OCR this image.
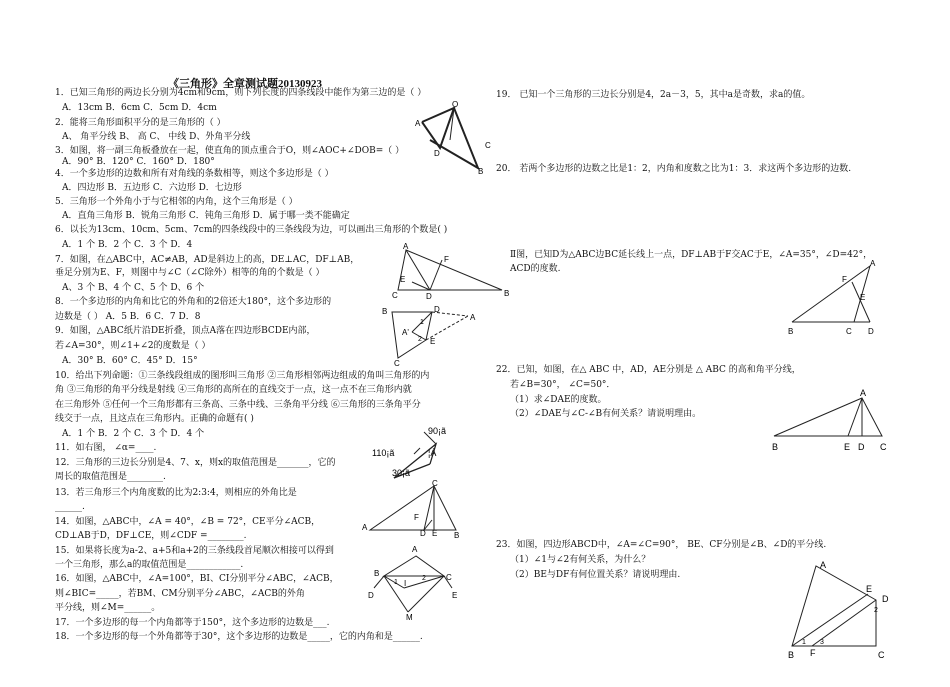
《三角形》全章测试题20130923
1．已知三角形的两边长分别为4cm和9cm，则下列长度的四条线段中能作为第三边的是（ ）
A．13cm B．6cm C．5cm D．4cm
2．能将三角形面积平分的是三角形的（ ）
A、 角平分线 B、 高 C、 中线 D、外角平分线
3．如图，将一副三角板叠放在一起，使直角的顶点重合于O，则∠AOC+∠DOB=（ ）
A．90° B．120° C．160° D．180°
4．一个多边形的边数和所有对角线的条数相等，则这个多边形是（ ）
A．四边形 B．五边形 C．六边形 D．七边形
5．三角形一个外角小于与它相邻的内角，这个三角形是（ ）
A．直角三角形 B．锐角三角形 C．钝角三角形 D．属于哪一类不能确定
6．以长为13cm、10cm、5cm、7cm的四条线段中的三条线段为边，可以画出三角形的个数是( )
A．1 个 B．2 个 C．3 个 D．4
7．如图，在△ABC中，AC≠AB，AD是斜边上的高，DE⊥AC，DF⊥AB，
垂足分别为E、F，则图中与∠C（∠C除外）相等的角的个数是（ ）
A、3 个 B、4 个 C、5 个 D、6 个
8．一个多边形的内角和比它的外角和的2倍还大180°，这个多边形的
边数是（ ） A．5 B．6 C．7 D．8
9．如图，△ABC纸片沿DE折叠，顶点A落在四边形BCDE内部，
若∠A=30°，则∠1+∠2的度数是（ ）
A．30° B．60° C．45° D．15°
10．给出下列命题：①三条线段组成的图形叫三角形 ②三角形相邻两边组成的角叫三角形的内
角 ③三角形的角平分线是射线 ④三角形的高所在的直线交于一点，这一点不在三角形内就
在三角形外 ⑤任何一个三角形都有三条高、三条中线、三条角平分线 ⑥三角形的三条角平分
线交于一点，且这点在三角形内。正确的命题有( )
A．1 个 B．2 个 C．3 个 D．4 个
11．如右图， ∠α=____.
12．三角形的三边长分别是4、7、x，则x的取值范围是_______，它的
周长的取值范围是________.
13．若三角形三个内角度数的比为2:3:4，则相应的外角比是
______.
14．如图，△ABC中，∠A = 40°，∠B = 72°，CE平分∠ACB，
CD⊥AB于D，DF⊥CE，则∠CDF =________.
15．如果将长度为a-2、a+5和a+2的三条线段首尾顺次相接可以得到
一个三角形，那么a的取值范围是____________.
16．如图，△ABC中，∠A=100°，BI、CI分别平分∠ABC，∠ACB，
则∠BIC=_____，若BM、CM分别平分∠ABC，∠ACB的外角
平分线，则∠M=______。
17．一个多边形的每一个内角都等于150°，这个多边形的边数是___.
18．一个多边形的每一个外角都等于30°，这个多边形的边数是_____，它的内角和是______.
19． 已知一个三角形的三边长分别是4，2a－3，5，其中a是奇数，求a的值。
20． 若两个多边形的边数之比是1：2，内角和度数之比为1：3．求这两个多边形的边数.
Ⅱ图，已知D为△ABC边BC延长线上一点，DF⊥AB于F交AC于E，∠A=35°，∠D=42°，
ACD的度数.
22．已知，如图，在△ ABC 中，AD，AE分别是 △ ABC 的高和角平分线，
若∠B=30°， ∠C=50°．
（1）求∠DAE的度数。
（2）∠DAE与∠C-∠B有何关系？请说明理由。
23．如图，四边形ABCD中，∠A=∠C=90°， BE、CF分别是∠B、∠D的平分线.
（1）∠1与∠2有何关系，为什么？
（2）BE与DF有何位置关系？请说明理由.
A
O
C
D
B
A
F
E
C	D	B
B
A'
1
2 E
A
C
D
90¡ã
110¡ã	¦Á
30¡ã
A
F
D E B
C
A
B	C
I
1
2
D	E
M
A
F
E
B	C D
A
B	E D C
A
E
D
2
1 3
B F	C
